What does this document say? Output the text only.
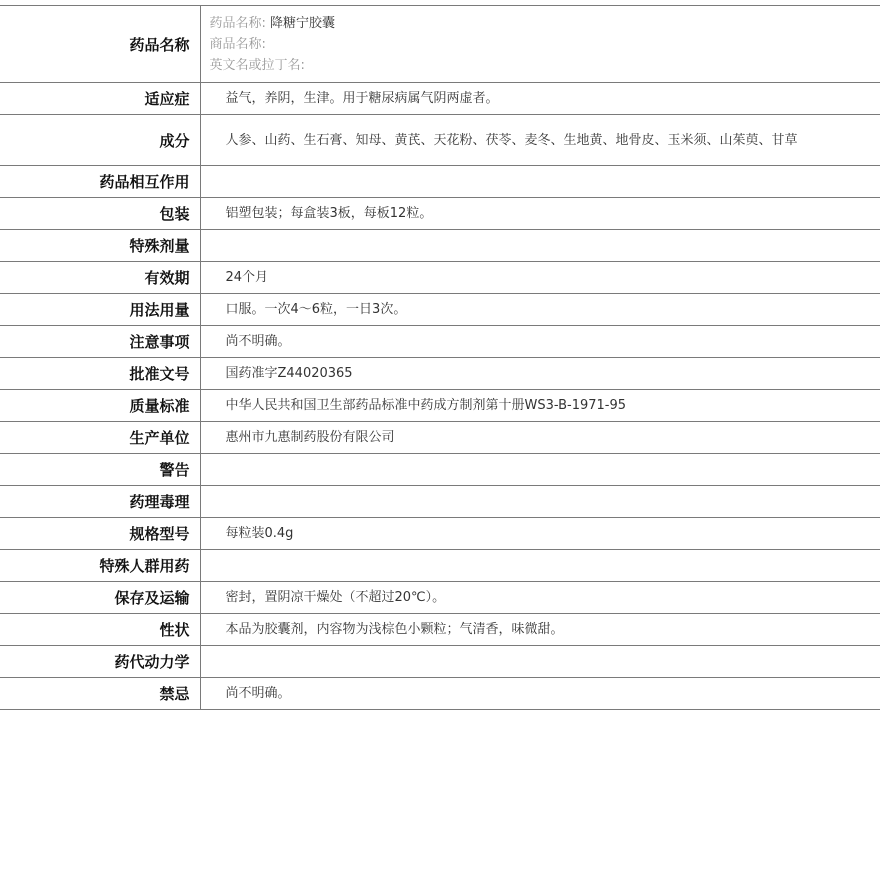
药品名称	药品名称: 降糖宁胶囊
商品名称:
英文名或拉丁名:

适应症	益气，养阴，生津。用于糖尿病属气阴两虚者。
成分	人参、山药、生石膏、知母、黄芪、天花粉、茯苓、麦冬、生地黄、地骨皮、玉米须、山茱萸、甘草
药品相互作用	
包装	铝塑包装；每盒装3板，每板12粒。
特殊剂量	
有效期	24个月
用法用量	口服。一次4～6粒，一日3次。
注意事项	尚不明确。
批准文号	国药准字Z44020365
质量标准	中华人民共和国卫生部药品标准中药成方制剂第十册WS3-B-1971-95
生产单位	惠州市九惠制药股份有限公司
警告	
药理毒理	
规格型号	每粒装0.4g
特殊人群用药	
保存及运输	密封，置阴凉干燥处（不超过20℃）。
性状	本品为胶囊剂，内容物为浅棕色小颗粒；气清香，味微甜。
药代动力学	
禁忌	尚不明确。
